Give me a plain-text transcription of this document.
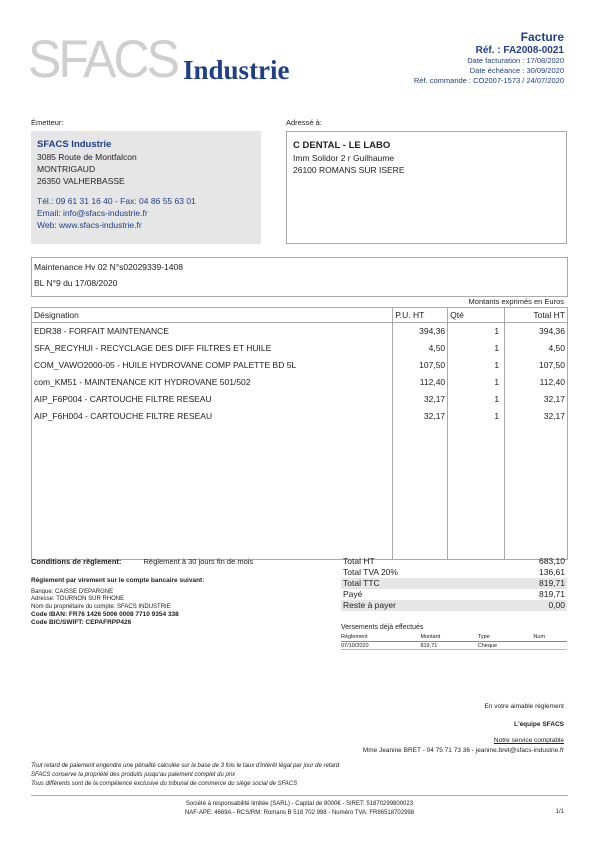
SFACS Industrie
Facture
Réf. : FA2008-0021
Date facturation : 17/08/2020
Date échéance : 30/09/2020
Réf. commande : CO2007-1573 / 24/07/2020
Émetteur:	Adressé à:
SFACS Industrie
3085 Route de Montfalcon
MONTRIGAUD
26350 VALHERBASSE
Tél.: 09 61 31 16 40 - Fax: 04 86 55 63 01
Email: info@sfacs-industrie.fr
Web: www.sfacs-industrie.fr
C DENTAL - LE LABO
Imm Solidor 2 r Guilhaume
26100 ROMANS SUR ISERE
Maintenance Hv 02 N°s02029339-1408
BL N°9 du 17/08/2020
Montants exprimés en Euros
Désignation	P.U. HT	Qté	Total HT
EDR38 - FORFAIT MAINTENANCE	394,36	1	394,36
SFA_RECYHUI - RECYCLAGE DES DIFF FILTRES ET HUILE	4,50	1	4,50
COM_VAWO2000-05 - HUILE HYDROVANE COMP PALETTE BD 5L	107,50	1	107,50
com_KM51 - MAINTENANCE KIT HYDROVANE 501/502	112,40	1	112,40
AIP_F6P004 - CARTOUCHE FILTRE RESEAU	32,17	1	32,17
AIP_F6H004 - CARTOUCHE FILTRE RESEAU	32,17	1	32,17

Conditions de règlement:	Règlement à 30 jours fin de mois
Règlement par virement sur le compte bancaire suivant:
Banque: CAISSE D'EPARGNE
Adresse: TOURNON SUR RHONE
Nom du propriétaire du compte: SFACS INDUSTRIE
Code IBAN: FR76 1426 5006 0008 7710 9354 338
Code BIC/SWIFT: CEPAFRPP426
Total HT	683,10
Total TVA 20%	136,61
Total TTC	819,71
Payé	819,71
Reste à payer	0,00
Versements déjà effectués
Règlement	Montant	Type	Num
07/10/2020	819,71	Chèque	
En votre aimable règlement
L'équipe SFACS
Notre service comptable
Mme Jeanine BRET - 04 75 71 73 36 - jeanine.bret@sfacs-industrie.fr
Tout retard de paiement engendre une pénalité calculée sur la base de 3 fois le taux d'intérêt légal par jour de retard
SFACS conserve la propriété des produits jusqu'au paiement complet du prix
Tous différents sont de la compétence exclusive du tribunal de commerce du siège social de SFACS
Société à responsabilité limitée (SARL) - Capital de 8000€ - SIRET: 51870299800023
NAF-APE: 4669A - RCS/RM: Romans B 518 702 998 - Numéro TVA: FR86518702998	1/1
